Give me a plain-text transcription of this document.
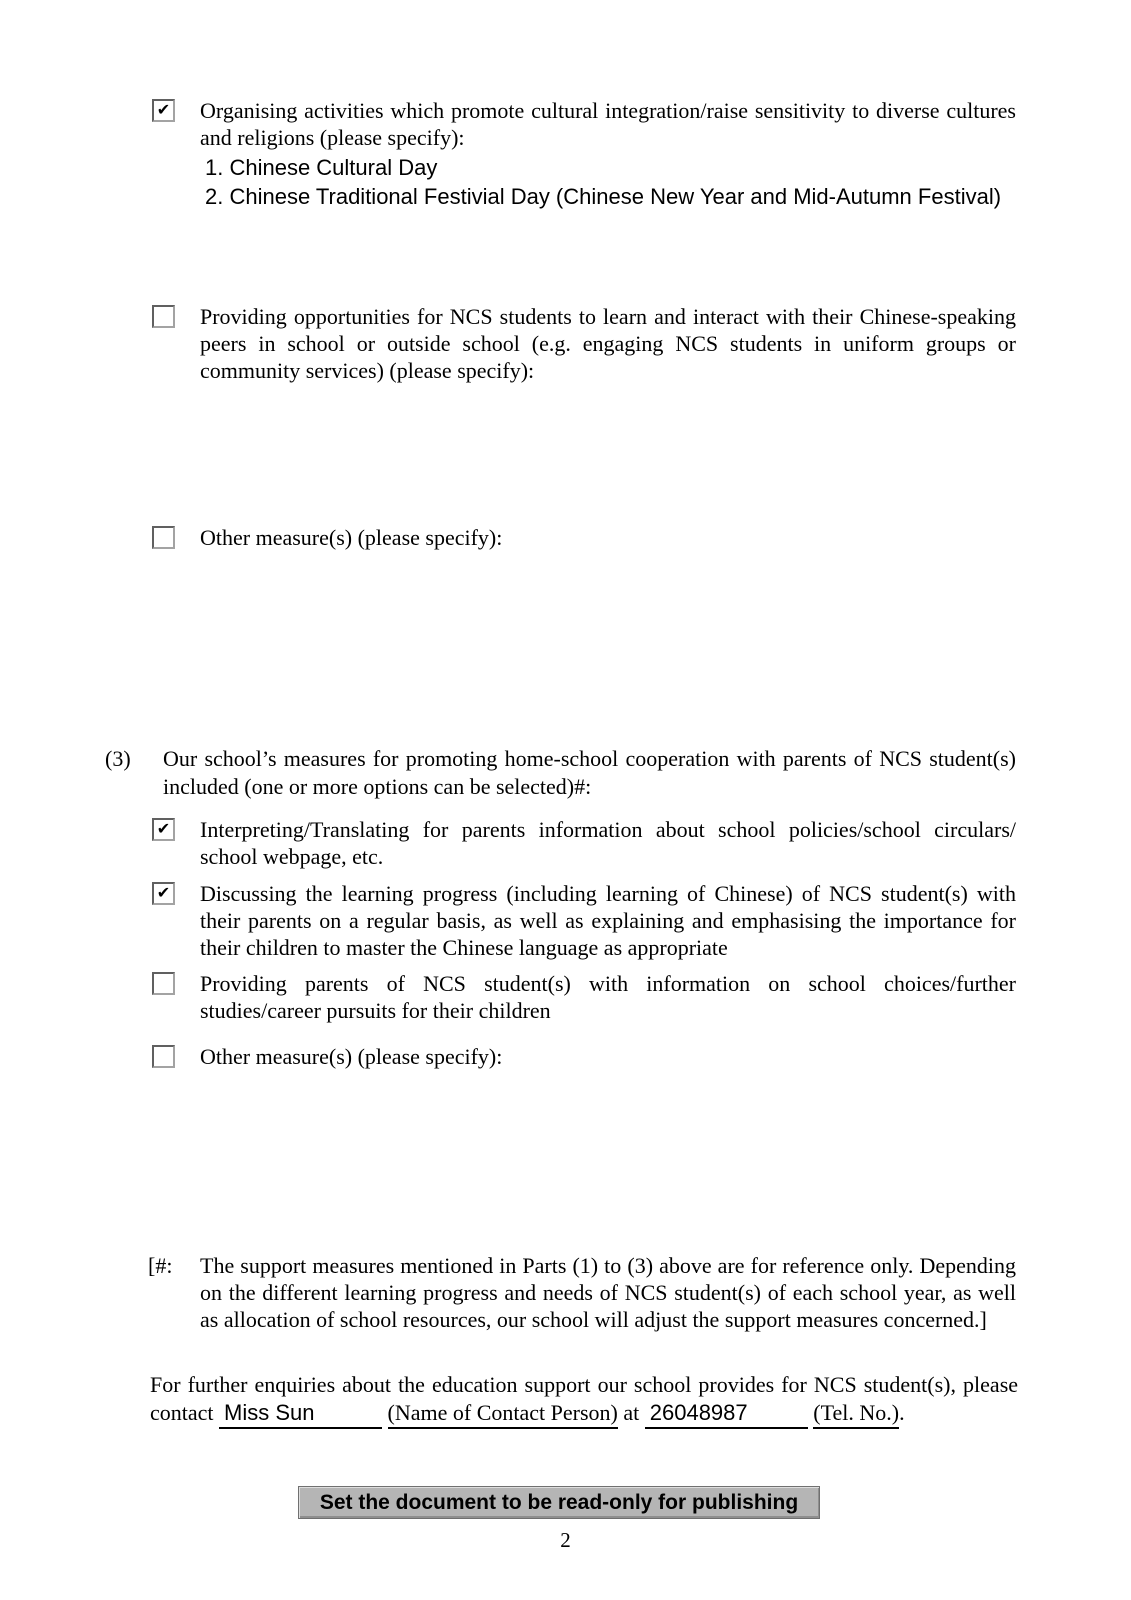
✔ Organising activities which promote cultural integration/raise sensitivity to diverse cultures and religions (please specify):
1. Chinese Cultural Day
2. Chinese Traditional Festivial Day (Chinese New Year and Mid-Autumn Festival)
Providing opportunities for NCS students to learn and interact with their Chinese-speaking peers in school or outside school (e.g. engaging NCS students in uniform groups or community services) (please specify):
Other measure(s) (please specify):
(3)	Our school’s measures for promoting home-school cooperation with parents of NCS student(s) included (one or more options can be selected)#:
✔ Interpreting/Translating for parents information about school policies/school circulars/ school webpage, etc.
✔ Discussing the learning progress (including learning of Chinese) of NCS student(s) with their parents on a regular basis, as well as explaining and emphasising the importance for their children to master the Chinese language as appropriate
Providing parents of NCS student(s) with information on school choices/further studies/career pursuits for their children
Other measure(s) (please specify):
[#:	The support measures mentioned in Parts (1) to (3) above are for reference only. Depending on the different learning progress and needs of NCS student(s) of each school year, as well as allocation of school resources, our school will adjust the support measures concerned.]
For further enquiries about the education support our school provides for NCS student(s), please contact Miss Sun	(Name of Contact Person) at 26048987	(Tel. No.).
Set the document to be read-only for publishing
2
